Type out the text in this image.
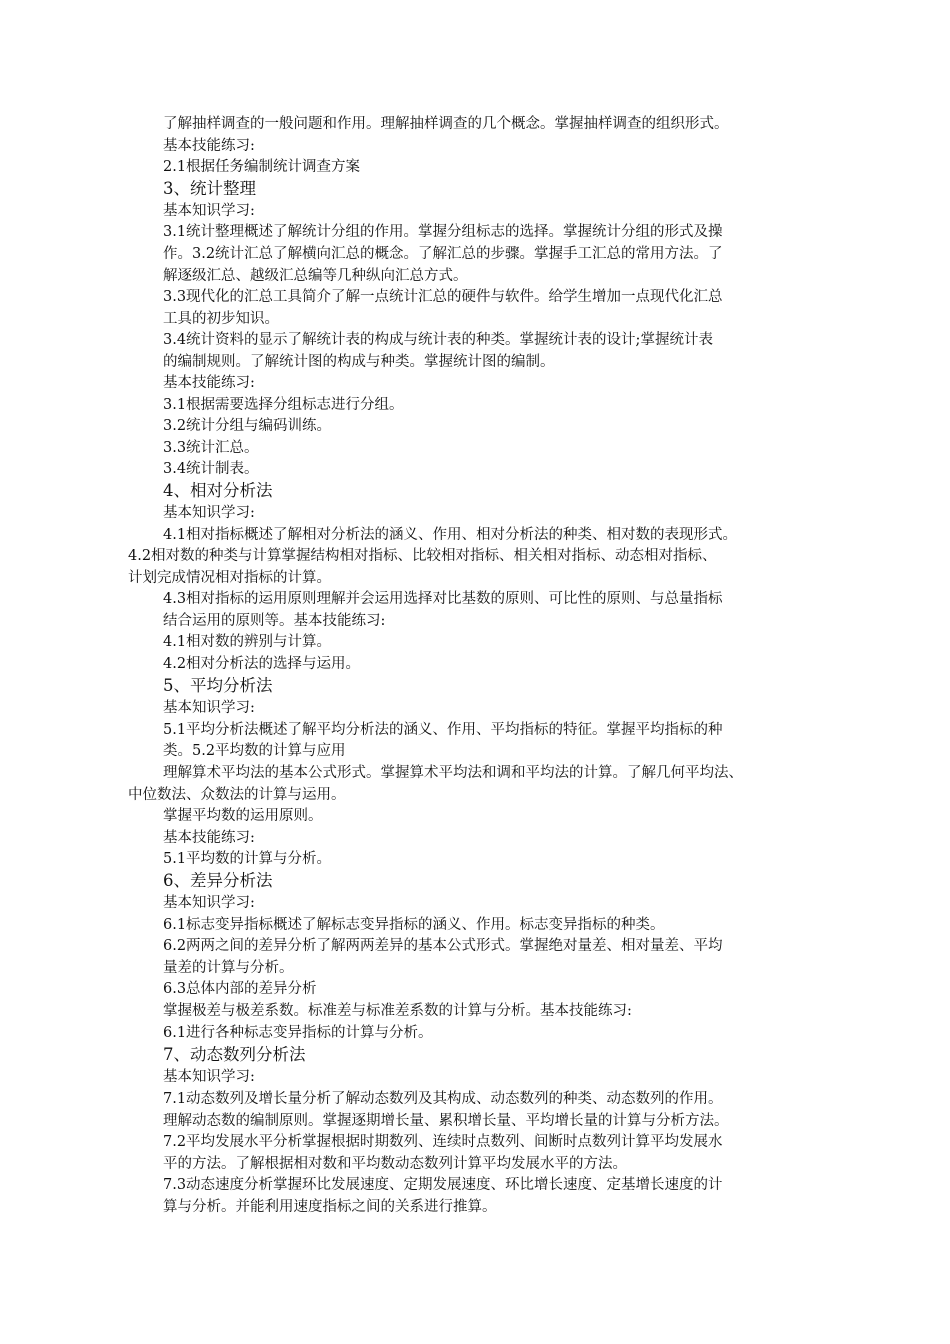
了解抽样调查的一般问题和作用。理解抽样调查的几个概念。掌握抽样调查的组织形式。

基本技能练习:

2.1根据任务编制统计调查方案

3、统计整理

基本知识学习:

3.1统计整理概述了解统计分组的作用。掌握分组标志的选择。掌握统计分组的形式及操

作。3.2统计汇总了解横向汇总的概念。了解汇总的步骤。掌握手工汇总的常用方法。了

解逐级汇总、越级汇总编等几种纵向汇总方式。

3.3现代化的汇总工具简介了解一点统计汇总的硬件与软件。给学生增加一点现代化汇总

工具的初步知识。

3.4统计资料的显示了解统计表的构成与统计表的种类。掌握统计表的设计;掌握统计表

的编制规则。了解统计图的构成与种类。掌握统计图的编制。

基本技能练习:

3.1根据需要选择分组标志进行分组。

3.2统计分组与编码训练。

3.3统计汇总。

3.4统计制表。

4、相对分析法

基本知识学习:

4.1相对指标概述了解相对分析法的涵义、作用、相对分析法的种类、相对数的表现形式。

4.2相对数的种类与计算掌握结构相对指标、比较相对指标、相关相对指标、动态相对指标、

计划完成情况相对指标的计算。

4.3相对指标的运用原则理解并会运用选择对比基数的原则、可比性的原则、与总量指标

结合运用的原则等。基本技能练习:

4.1相对数的辨别与计算。

4.2相对分析法的选择与运用。

5、平均分析法

基本知识学习:

5.1平均分析法概述了解平均分析法的涵义、作用、平均指标的特征。掌握平均指标的种

类。5.2平均数的计算与应用

理解算术平均法的基本公式形式。掌握算术平均法和调和平均法的计算。了解几何平均法、

中位数法、众数法的计算与运用。

掌握平均数的运用原则。

基本技能练习:

5.1平均数的计算与分析。

6、差异分析法

基本知识学习:

6.1标志变异指标概述了解标志变异指标的涵义、作用。标志变异指标的种类。

6.2两两之间的差异分析了解两两差异的基本公式形式。掌握绝对量差、相对量差、平均

量差的计算与分析。

6.3总体内部的差异分析

掌握极差与极差系数。标准差与标准差系数的计算与分析。基本技能练习:

6.1进行各种标志变异指标的计算与分析。

7、动态数列分析法

基本知识学习:

7.1动态数列及增长量分析了解动态数列及其构成、动态数列的种类、动态数列的作用。

理解动态数的编制原则。掌握逐期增长量、累积增长量、平均增长量的计算与分析方法。

7.2平均发展水平分析掌握根据时期数列、连续时点数列、间断时点数列计算平均发展水

平的方法。了解根据相对数和平均数动态数列计算平均发展水平的方法。

7.3动态速度分析掌握环比发展速度、定期发展速度、环比增长速度、定基增长速度的计

算与分析。并能利用速度指标之间的关系进行推算。
